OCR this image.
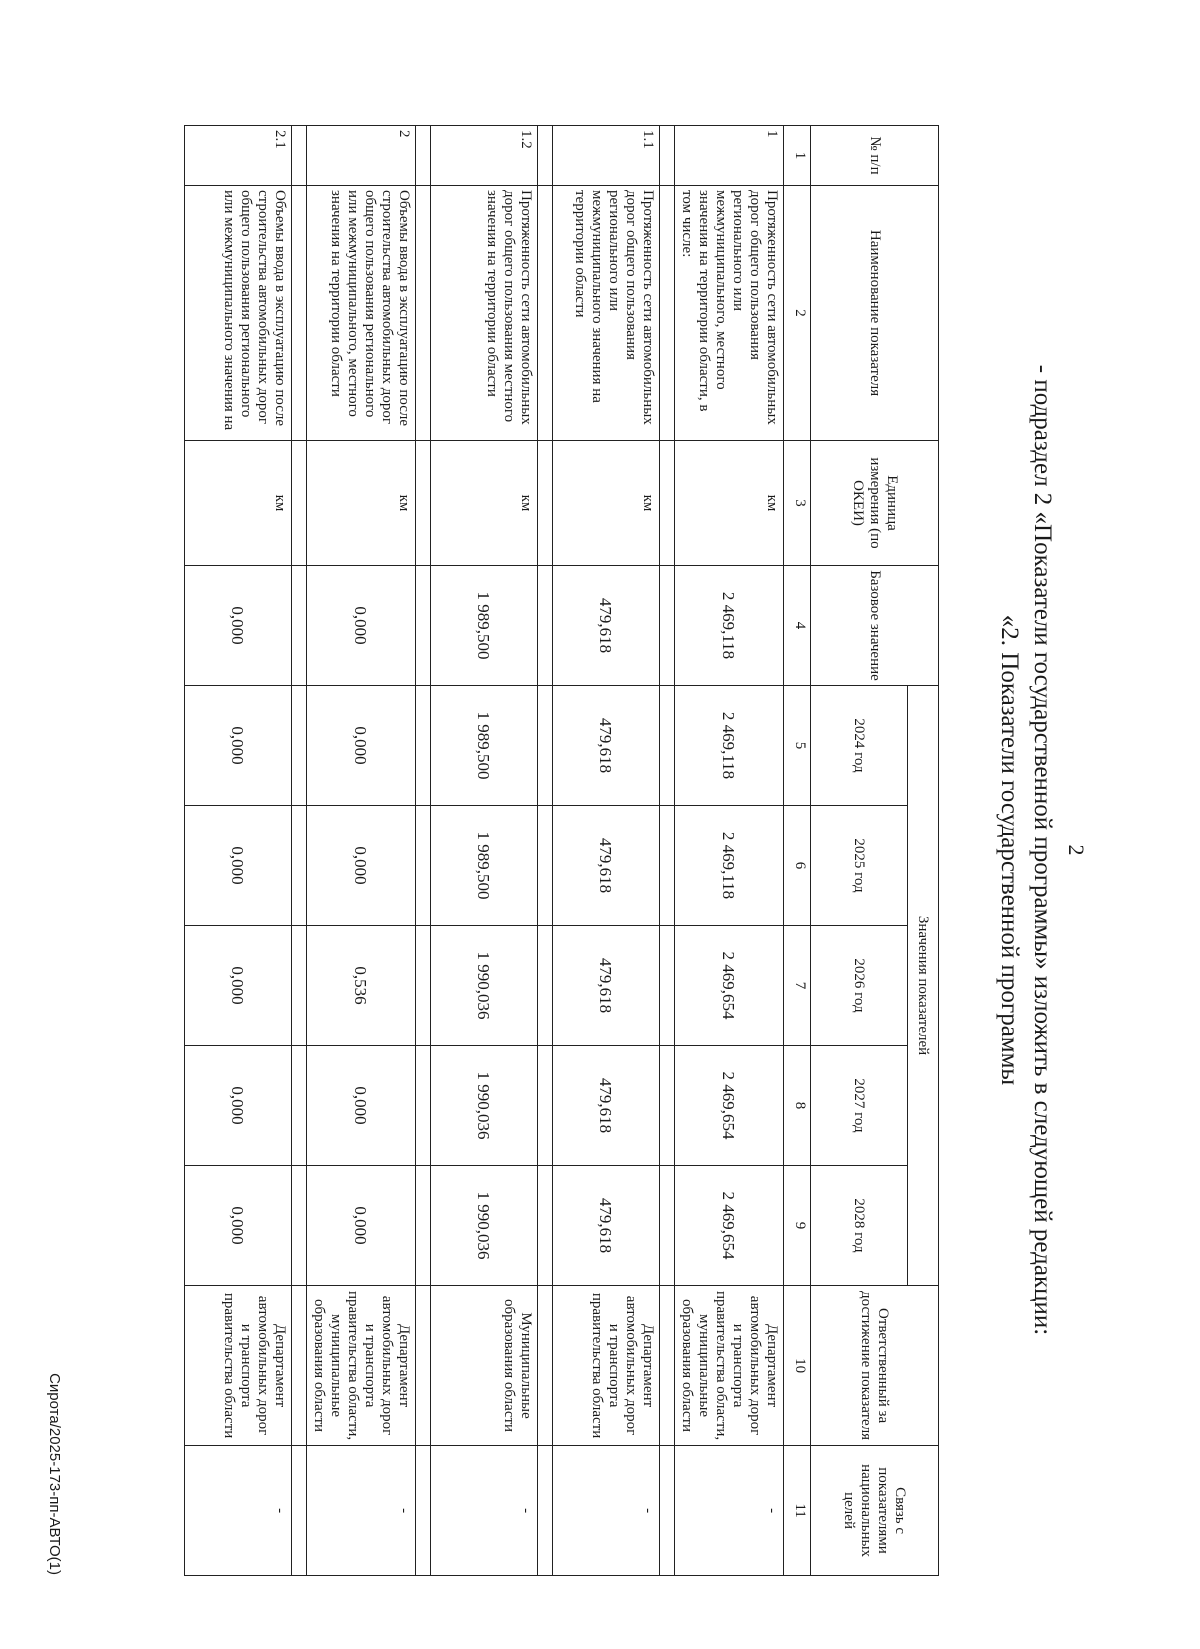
2
- подраздел 2 «Показатели государственной программы» изложить в следующей редакции:
«2. Показатели государственной программы
№ п/п	Наименование показателя	Единица измерения (по ОКЕИ)	Базовое значение	Значения показателей					Ответственный за достижение показателя	Связь с показателями национальных целей
				2024 год	2025 год	2026 год	2027 год	2028 год		
1	2	3	4	5	6	7	8	9	10	11
1	Протяженность сети автомобильных дорог общего пользования регионального или межмуниципального, местного значения на территории области, в том числе:	км	2 469,118	2 469,118	2 469,118	2 469,654	2 469,654	2 469,654	Департамент автомобильных дорог и транспорта правительства области, муниципальные образования области	-

1.1	Протяженность сети автомобильных дорог общего пользования регионального или межмуниципального значения на территории области	км	479,618	479,618	479,618	479,618	479,618	479,618	Департамент автомобильных дорог и транспорта правительства области	-

1.2	Протяженность сети автомобильных дорог общего пользования местного значения на территории области	км	1 989,500	1 989,500	1 989,500	1 990,036	1 990,036	1 990,036	Муниципальные образования области	-

2	Объемы ввода в эксплуатацию после строительства автомобильных дорог общего пользования регионального или межмуниципального, местного значения на территории области	км	0,000	0,000	0,000	0,536	0,000	0,000	Департамент автомобильных дорог и транспорта правительства области, муниципальные образования области	-

2.1	Объемы ввода в эксплуатацию после строительства автомобильных дорог общего пользования регионального или межмуниципального значения на	км	0,000	0,000	0,000	0,000	0,000	0,000	Департамент автомобильных дорог и транспорта правительства области	-
Сирота/2025-173-пп-АВТО(1)
